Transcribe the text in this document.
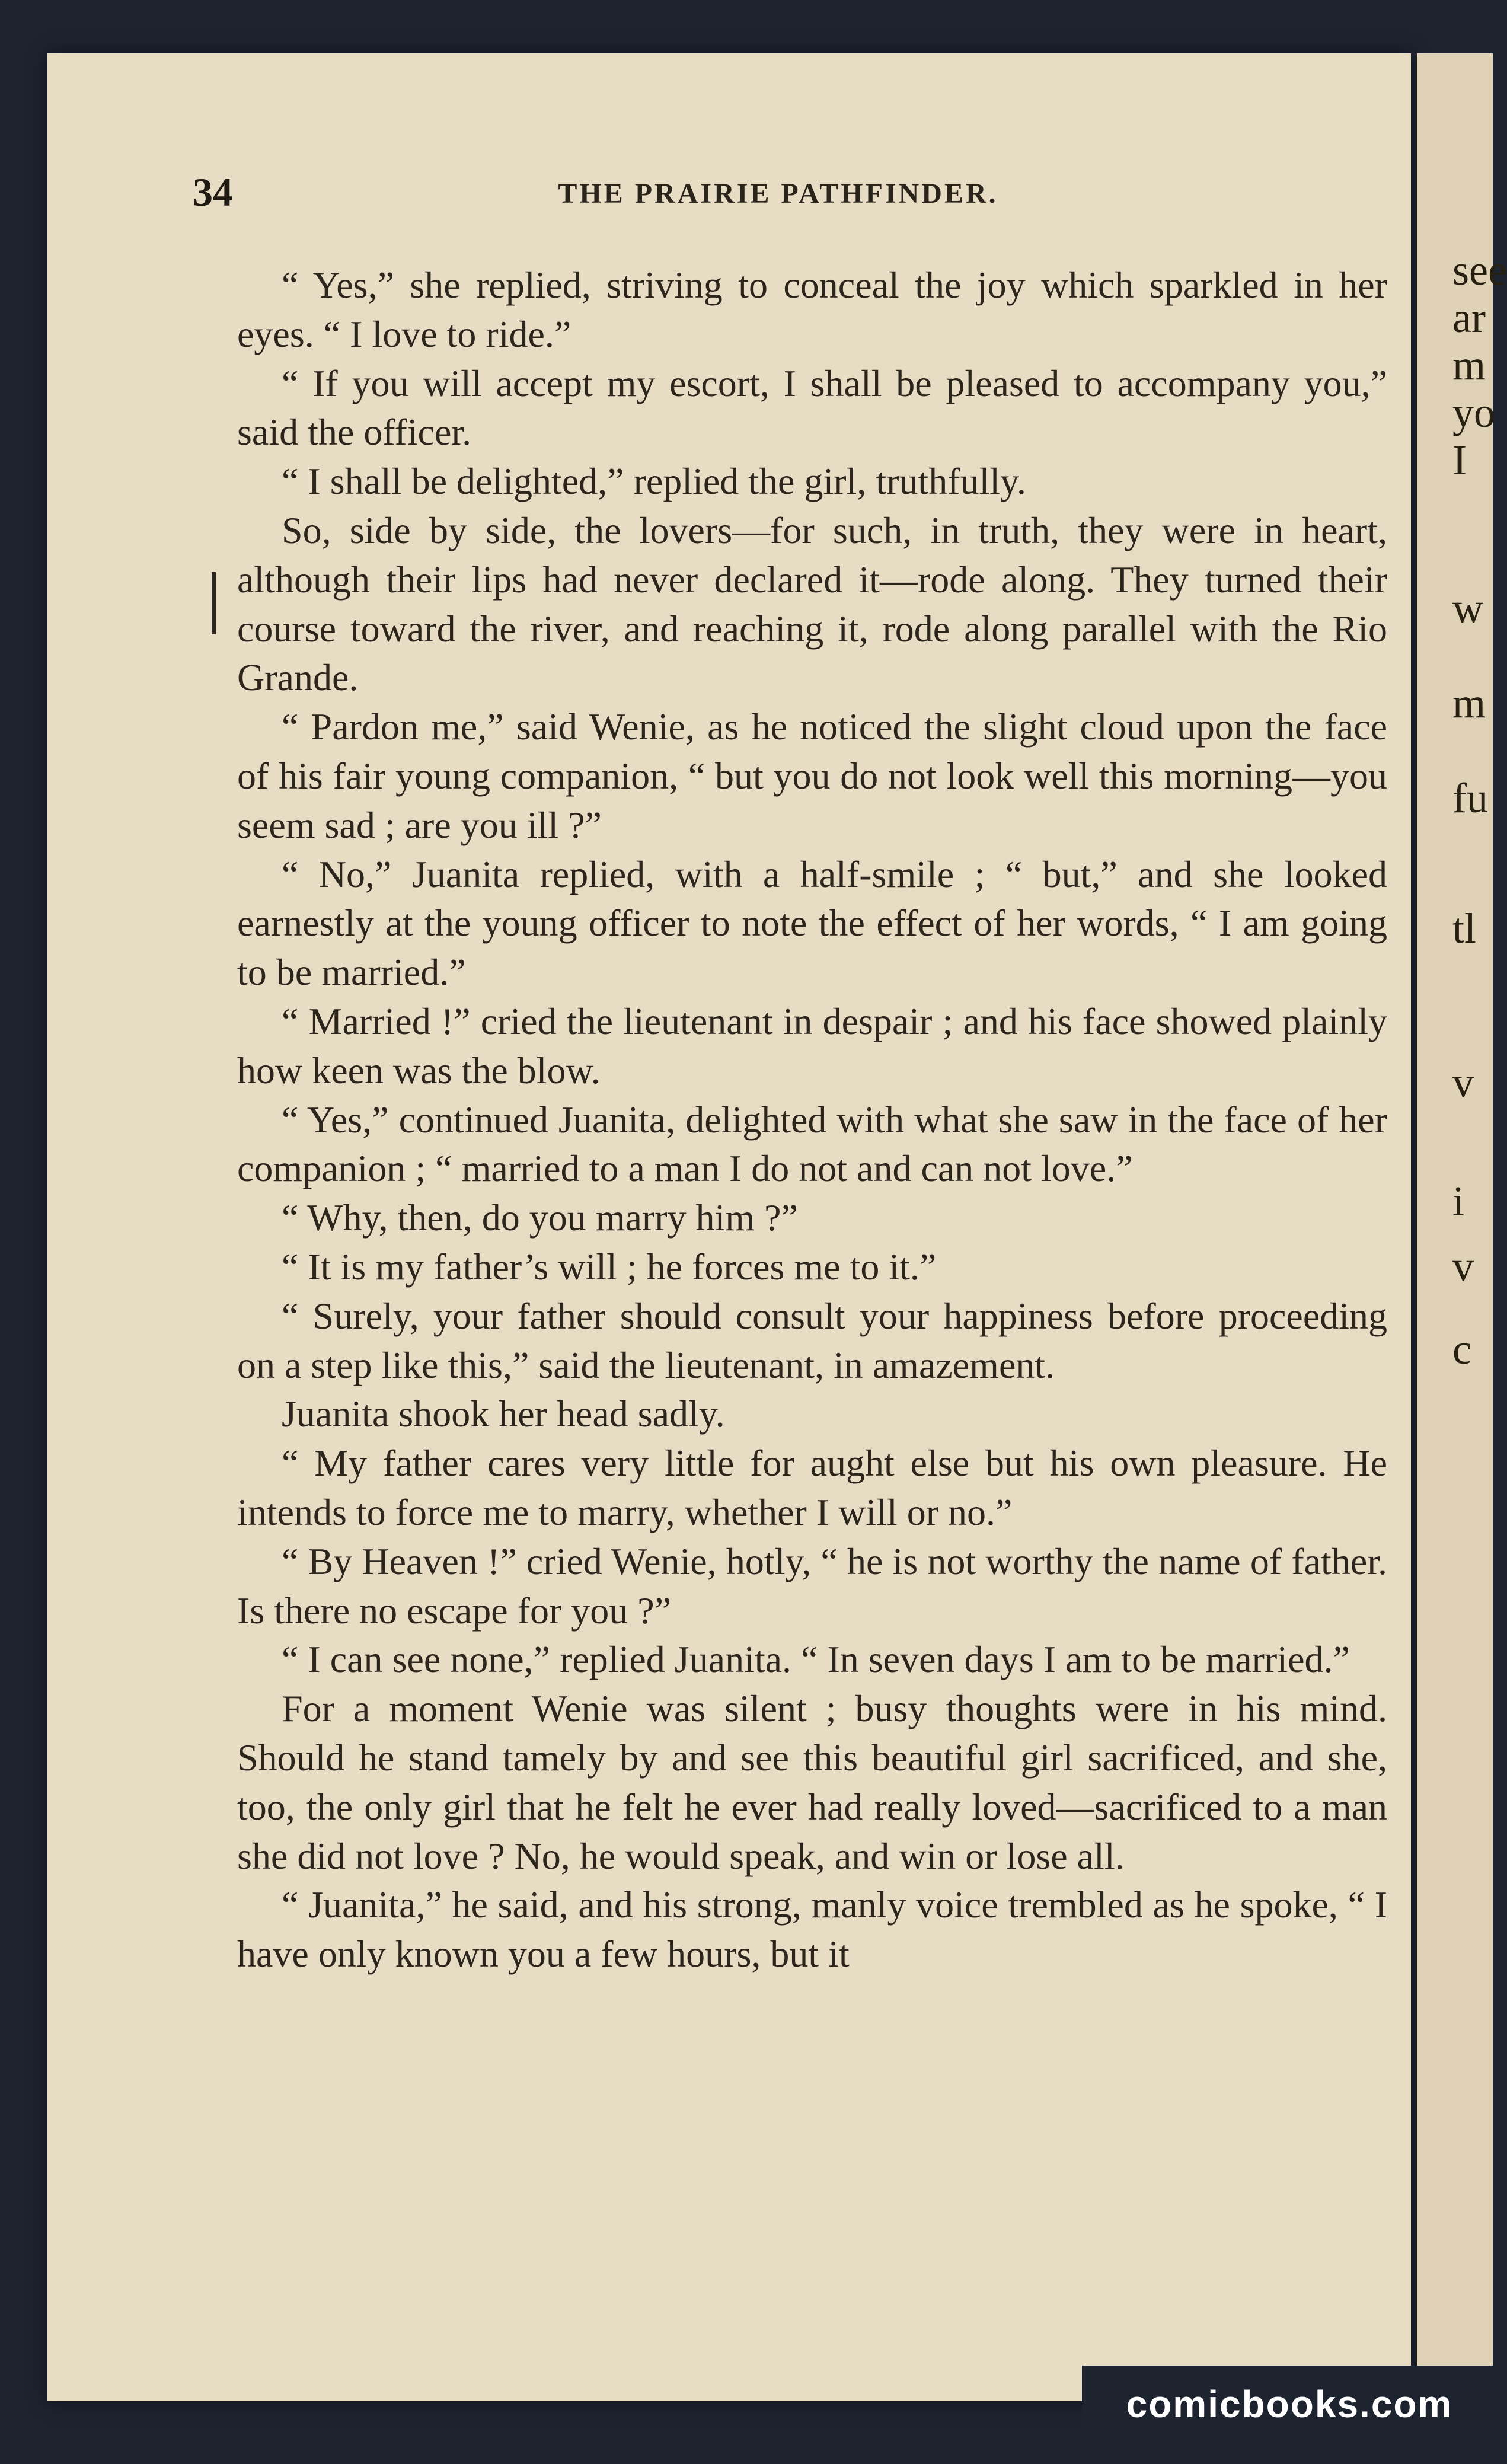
see
ar
m
yo
I
w
m
fu
tl
v
i
v
c
34	THE PRAIRIE PATHFINDER.

“ Yes,” she replied, striving to conceal the joy which sparkled in her eyes. “ I love to ride.”

“ If you will accept my escort, I shall be pleased to accompany you,” said the officer.

“ I shall be delighted,” replied the girl, truthfully.

So, side by side, the lovers—for such, in truth, they were in heart, although their lips had never declared it—rode along. They turned their course toward the river, and reaching it, rode along parallel with the Rio Grande.

“ Pardon me,” said Wenie, as he noticed the slight cloud upon the face of his fair young companion, “ but you do not look well this morning—you seem sad ; are you ill ?”

“ No,” Juanita replied, with a half-smile ; “ but,” and she looked earnestly at the young officer to note the effect of her words, “ I am going to be married.”

“ Married !” cried the lieutenant in despair ; and his face showed plainly how keen was the blow.

“ Yes,” continued Juanita, delighted with what she saw in the face of her companion ; “ married to a man I do not and can not love.”

“ Why, then, do you marry him ?”

“ It is my father’s will ; he forces me to it.”

“ Surely, your father should consult your happiness before proceeding on a step like this,” said the lieutenant, in amazement.

Juanita shook her head sadly.

“ My father cares very little for aught else but his own pleasure. He intends to force me to marry, whether I will or no.”

“ By Heaven !” cried Wenie, hotly, “ he is not worthy the name of father. Is there no escape for you ?”

“ I can see none,” replied Juanita. “ In seven days I am to be married.”

For a moment Wenie was silent ; busy thoughts were in his mind. Should he stand tamely by and see this beautiful girl sacrificed, and she, too, the only girl that he felt he ever had really loved—sacrificed to a man she did not love ? No, he would speak, and win or lose all.

“ Juanita,” he said, and his strong, manly voice trembled as he spoke, “ I have only known you a few hours, but it

comicbooks.com
